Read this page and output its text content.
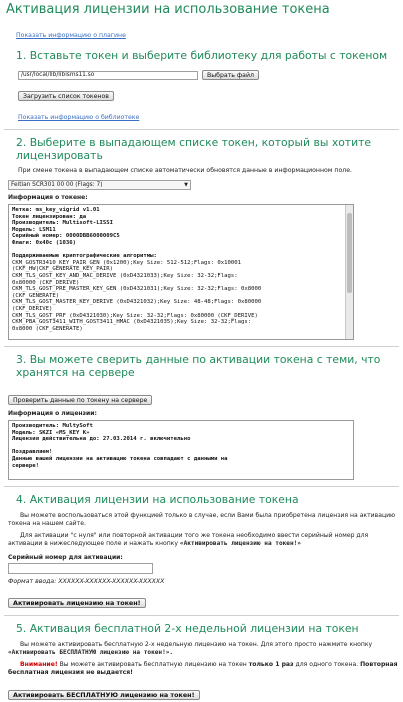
Активация лицензии на использование токена
Показать информацию о плагине
1. Вставьте токен и выберите библиотеку для работы с токеном
/usr/local/lib/libisms11.so	Выбрать файл
Загрузить список токенов
Показать информацию о библиотеке
2. Выберите в выпадающем списке токен, который вы хотите лицензировать
При смене токена в выпадающем списке автоматически обновятся данные в информационном поле.
Feitian SCR301 00 00 (Flags: 7)	▼
Информация о токене:
Метка: ms_key_vigrid v1.01
Токен лицензирован: да
Производитель: Multisoft-LISSI
Модель: LSM11
Серийный номер: 0000DBB6000009C5
Флаги: 0x40c (1036)

Поддерживаемые криптографические алгоритмы:
CKM_GOSTR3410_KEY_PAIR_GEN (0x1200);Key Size: 512-512;Flags: 0x10001
(CKF_HW|CKF_GENERATE_KEY_PAIR)
CKM_TLS_GOST_KEY_AND_MAC_DERIVE (0xD4321033);Key Size: 32-32;Flags:
0x80000 (CKF_DERIVE)
CKM_TLS_GOST_PRE_MASTER_KEY_GEN (0xD4321031);Key Size: 32-32;Flags: 0x8000
(CKF_GENERATE)
CKM_TLS_GOST_MASTER_KEY_DERIVE (0xD4321032);Key Size: 48-48;Flags: 0x80000
(CKF_DERIVE)
CKM_TLS_GOST_PRF (0xD4321030);Key Size: 32-32;Flags: 0x80000 (CKF_DERIVE)
CKM_PBA_GOST3411_WITH_GOST3411_HMAC (0xD4321035);Key Size: 32-32;Flags:
0x8000 (CKF_GENERATE)
3. Вы можете сверить данные по активации токена с теми, что хранятся на сервере
Проверить данные по токену на сервере
Информация о лицензии:
Производитель: MultySoft
Модель: SKZI «MS_KEY K»
Лицензия действительна до: 27.03.2014 г. включительно

Поздравляем!
Данные вашей лицензии на активацию токена совпадают с данными на
сервере!
4. Активация лицензии на использование токена

Вы можете воспользоваться этой функцией только в случае, если Вами была приобретена лицензия на активацию токена на нашем сайте.

Для активации "с нуля" или повторной активации того же токена необходимо ввести серийный номер для активации в нижеследующее поле и нажать кнопку «Активировать лицензию на токен!»

Серийный номер для активации:
Формат ввода: XXXXXX-XXXXXX-XXXXXX-XXXXXX
Активировать лицензию на токен!
5. Активация бесплатной 2-х недельной лицензии на токен

Вы можете активировать бесплатную 2-х недельную лицензию на токен. Для этого просто нажмите кнопку «Активировать БЕСПЛАТНУЮ лицензию на токен!».

Внимание! Вы можете активировать бесплатную лицензию на токен только 1 раз для одного токена. Повторная бесплатная лицензия не выдается!

Активировать БЕСПЛАТНУЮ лицензию на токен!
